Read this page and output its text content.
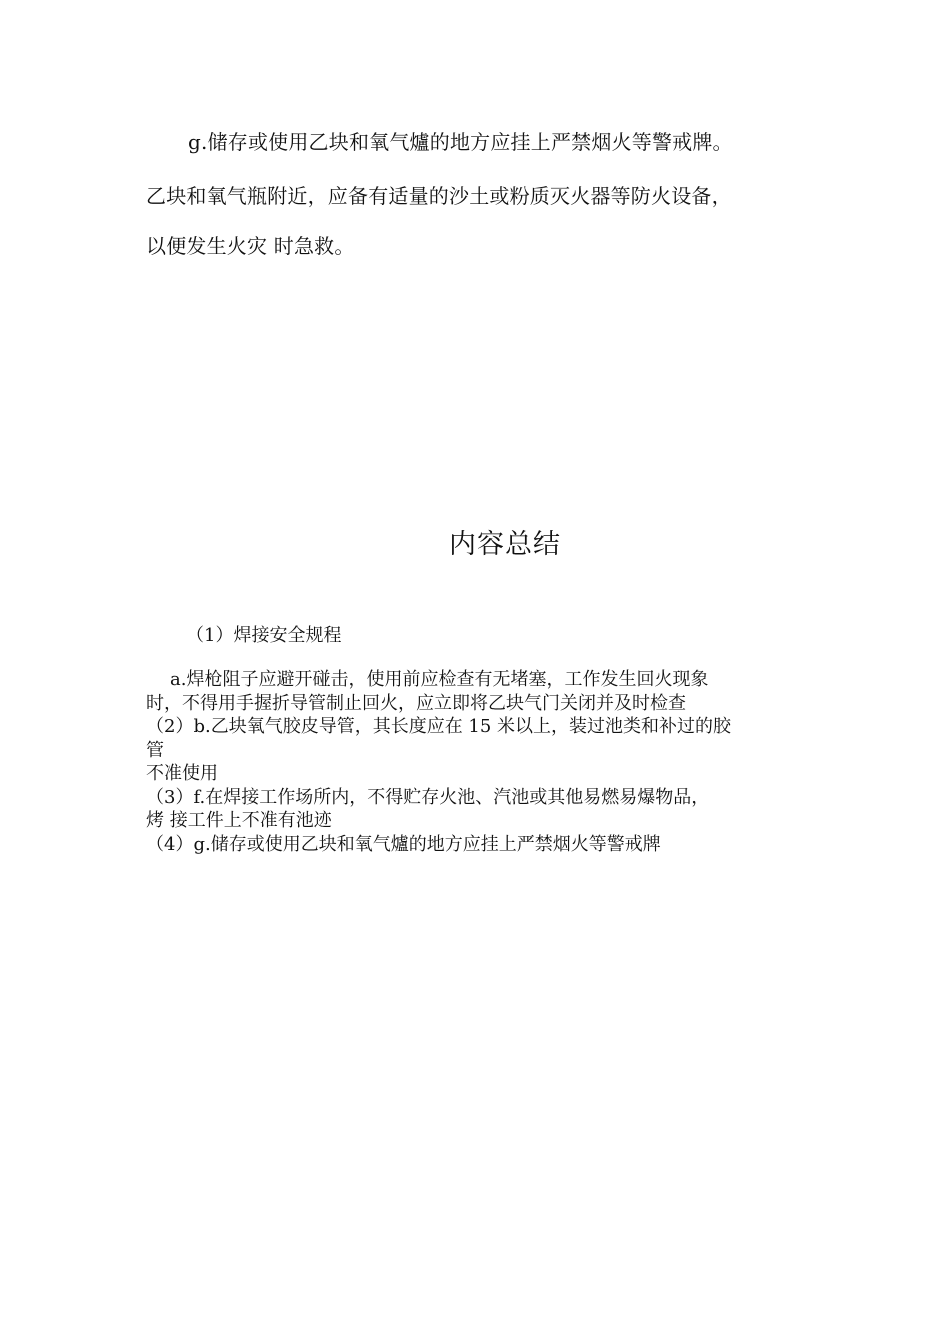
g.储存或使用乙块和氧气爐的地方应挂上严禁烟火等警戒牌。
乙块和氧气瓶附近，应备有适量的沙土或粉质灭火器等防火设备，
以便发生火灾 时急救。
内容总结
（1）焊接安全规程
a.焊枪阻子应避开碰击，使用前应检查有无堵塞，工作发生回火现象
时，不得用手握折导管制止回火，应立即将乙块气门关闭并及时检查
（2）b.乙块氧气胶皮导管，其长度应在 15 米以上，装过池类和补过的胶
管
不准使用
（3）f.在焊接工作场所内，不得贮存火池、汽池或其他易燃易爆物品，
烤 接工件上不准有池迹
（4）g.储存或使用乙块和氧气爐的地方应挂上严禁烟火等警戒牌
